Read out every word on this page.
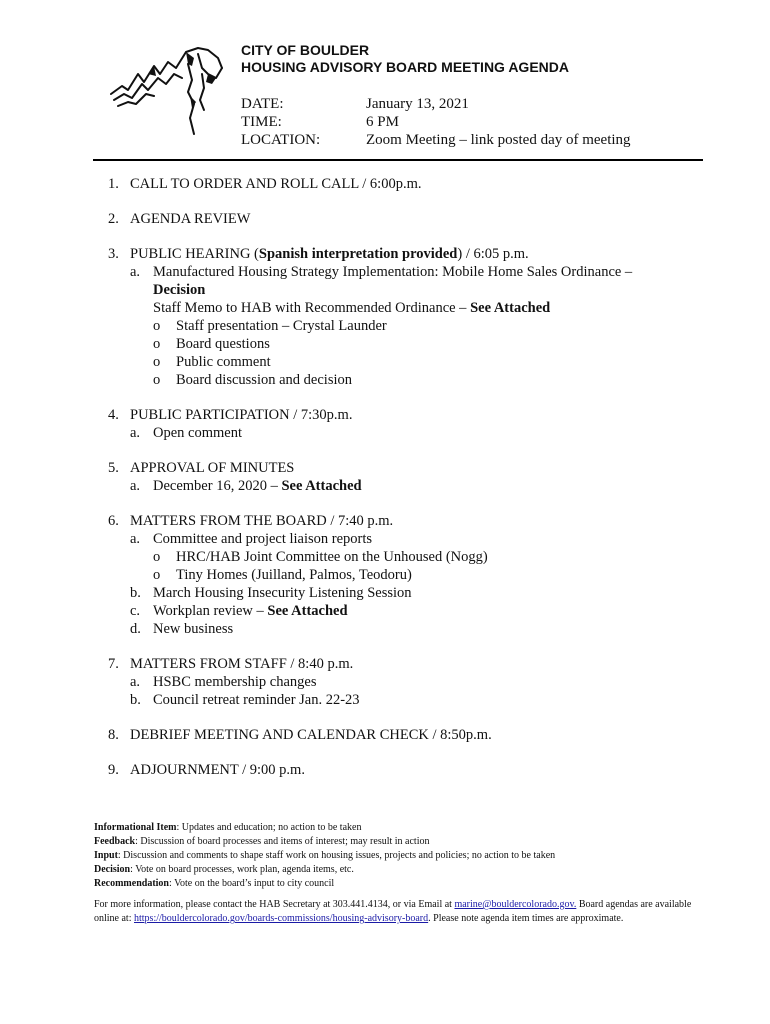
CITY OF BOULDER
HOUSING ADVISORY BOARD MEETING AGENDA
DATE:	January 13, 2021
TIME:	6 PM
LOCATION:	Zoom Meeting – link posted day of meeting
1. CALL TO ORDER AND ROLL CALL / 6:00p.m.
2. AGENDA REVIEW
3. PUBLIC HEARING (Spanish interpretation provided) / 6:05 p.m.
a. Manufactured Housing Strategy Implementation: Mobile Home Sales Ordinance –
Decision
Staff Memo to HAB with Recommended Ordinance – See Attached
o	Staff presentation – Crystal Launder
o	Board questions
o	Public comment
o	Board discussion and decision
4. PUBLIC PARTICIPATION / 7:30p.m.
a. Open comment
5. APPROVAL OF MINUTES
a. December 16, 2020 – See Attached
6. MATTERS FROM THE BOARD / 7:40 p.m.
a. Committee and project liaison reports
o	HRC/HAB Joint Committee on the Unhoused (Nogg)
o	Tiny Homes (Juilland, Palmos, Teodoru)
b. March Housing Insecurity Listening Session
c. Workplan review – See Attached
d. New business
7. MATTERS FROM STAFF / 8:40 p.m.
a. HSBC membership changes
b. Council retreat reminder Jan. 22-23
8. DEBRIEF MEETING AND CALENDAR CHECK / 8:50p.m.
9. ADJOURNMENT / 9:00 p.m.
Informational Item: Updates and education; no action to be taken
Feedback: Discussion of board processes and items of interest; may result in action
Input: Discussion and comments to shape staff work on housing issues, projects and policies; no action to be taken
Decision: Vote on board processes, work plan, agenda items, etc.
Recommendation: Vote on the board’s input to city council
For more information, please contact the HAB Secretary at 303.441.4134, or via Email at marine@bouldercolorado.gov. Board agendas are available online at: https://bouldercolorado.gov/boards-commissions/housing-advisory-board. Please note agenda item times are approximate.
